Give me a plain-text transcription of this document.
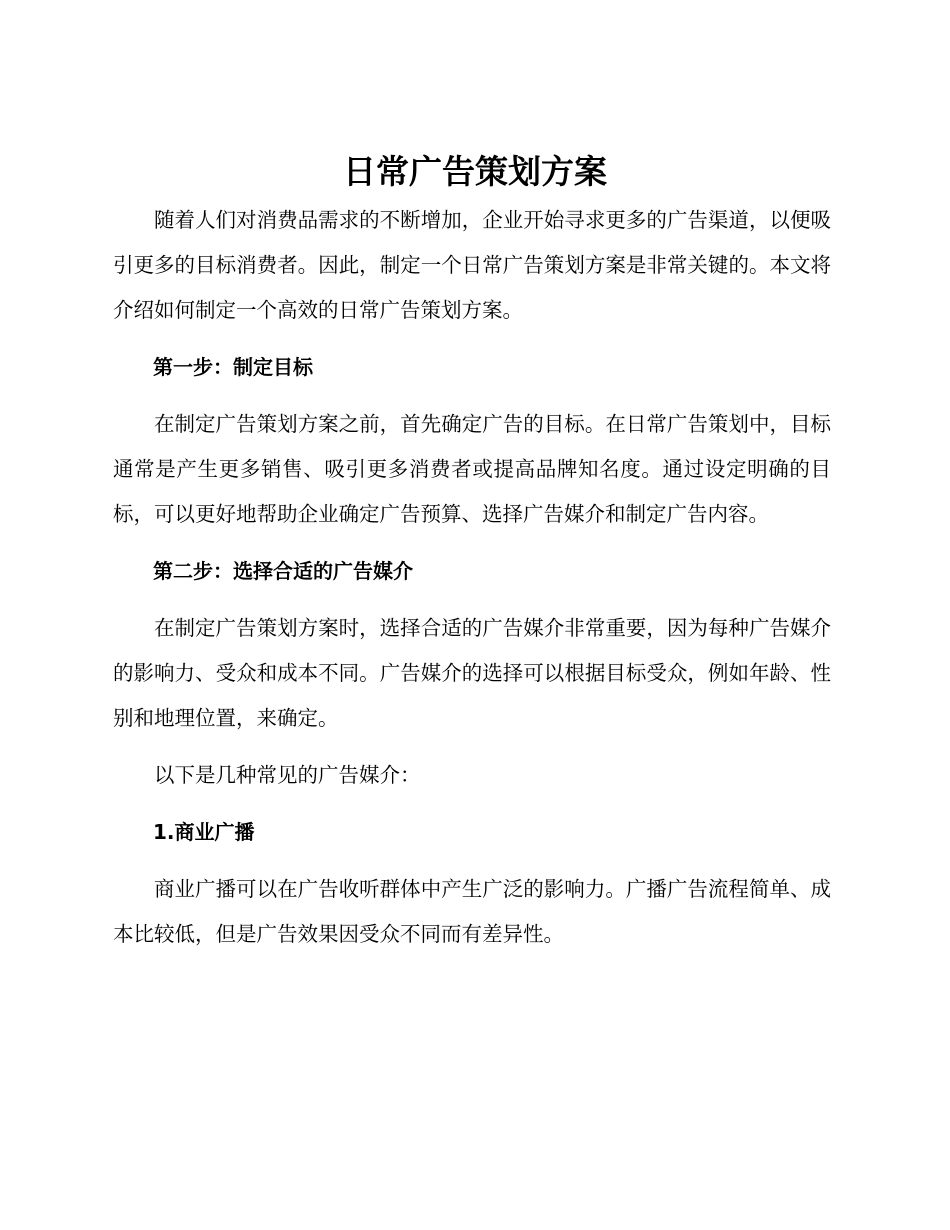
日常广告策划方案

随着人们对消费品需求的不断增加，企业开始寻求更多的广告渠道，以便吸引更多的目标消费者。因此，制定一个日常广告策划方案是非常关键的。本文将介绍如何制定一个高效的日常广告策划方案。

第一步：制定目标

在制定广告策划方案之前，首先确定广告的目标。在日常广告策划中，目标通常是产生更多销售、吸引更多消费者或提高品牌知名度。通过设定明确的目标，可以更好地帮助企业确定广告预算、选择广告媒介和制定广告内容。

第二步：选择合适的广告媒介

在制定广告策划方案时，选择合适的广告媒介非常重要，因为每种广告媒介的影响力、受众和成本不同。广告媒介的选择可以根据目标受众，例如年龄、性别和地理位置，来确定。

以下是几种常见的广告媒介：

1.商业广播

商业广播可以在广告收听群体中产生广泛的影响力。广播广告流程简单、成本比较低，但是广告效果因受众不同而有差异性。
